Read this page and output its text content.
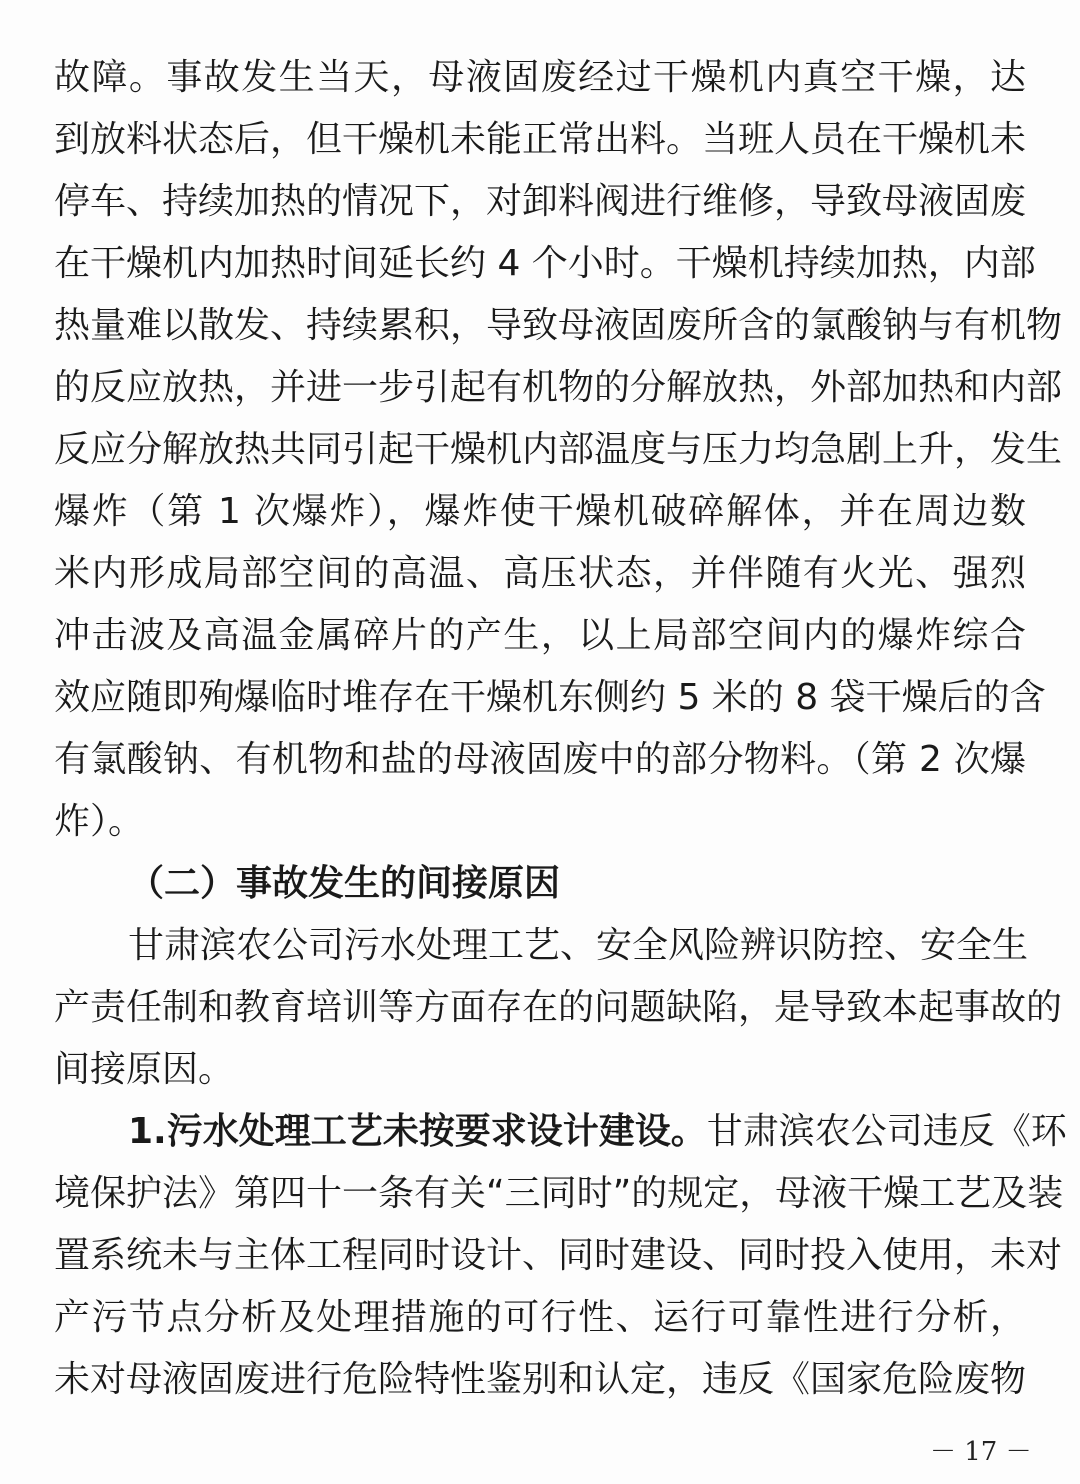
故障。事故发生当天，母液固废经过干燥机内真空干燥，达
到放料状态后，但干燥机未能正常出料。当班人员在干燥机未
停车、持续加热的情况下，对卸料阀进行维修，导致母液固废
在干燥机内加热时间延长约 4 个小时。干燥机持续加热，内部
热量难以散发、持续累积，导致母液固废所含的氯酸钠与有机物
的反应放热，并进一步引起有机物的分解放热，外部加热和内部
反应分解放热共同引起干燥机内部温度与压力均急剧上升，发生
爆炸（第 1 次爆炸），爆炸使干燥机破碎解体，并在周边数
米内形成局部空间的高温、高压状态，并伴随有火光、强烈
冲击波及高温金属碎片的产生，以上局部空间内的爆炸综合
效应随即殉爆临时堆存在干燥机东侧约 5 米的 8 袋干燥后的含
有氯酸钠、有机物和盐的母液固废中的部分物料。（第 2 次爆
炸）。
（二）事故发生的间接原因
甘肃滨农公司污水处理工艺、安全风险辨识防控、安全生
产责任制和教育培训等方面存在的问题缺陷，是导致本起事故的
间接原因。
1.污水处理工艺未按要求设计建设。甘肃滨农公司违反《环
境保护法》第四十一条有关“三同时”的规定，母液干燥工艺及装
置系统未与主体工程同时设计、同时建设、同时投入使用，未对
产污节点分析及处理措施的可行性、运行可靠性进行分析，
未对母液固废进行危险特性鉴别和认定，违反《国家危险废物
－ 17 －
